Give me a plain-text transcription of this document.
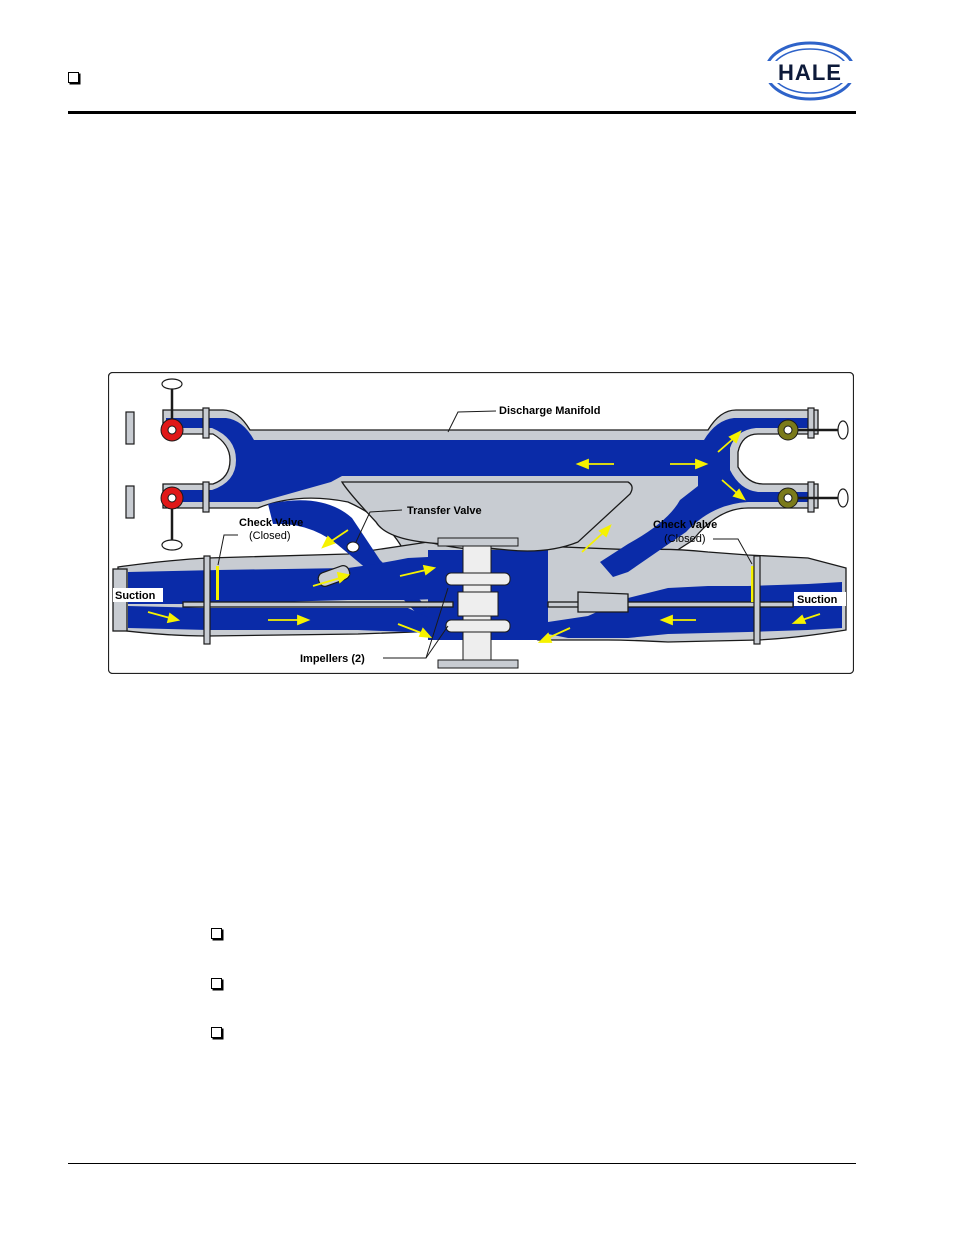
HALE
Discharge Manifold
Transfer Valve
Check Valve
(Closed)
Check Valve
(Closed)
Suction	Suction
Impellers (2)
